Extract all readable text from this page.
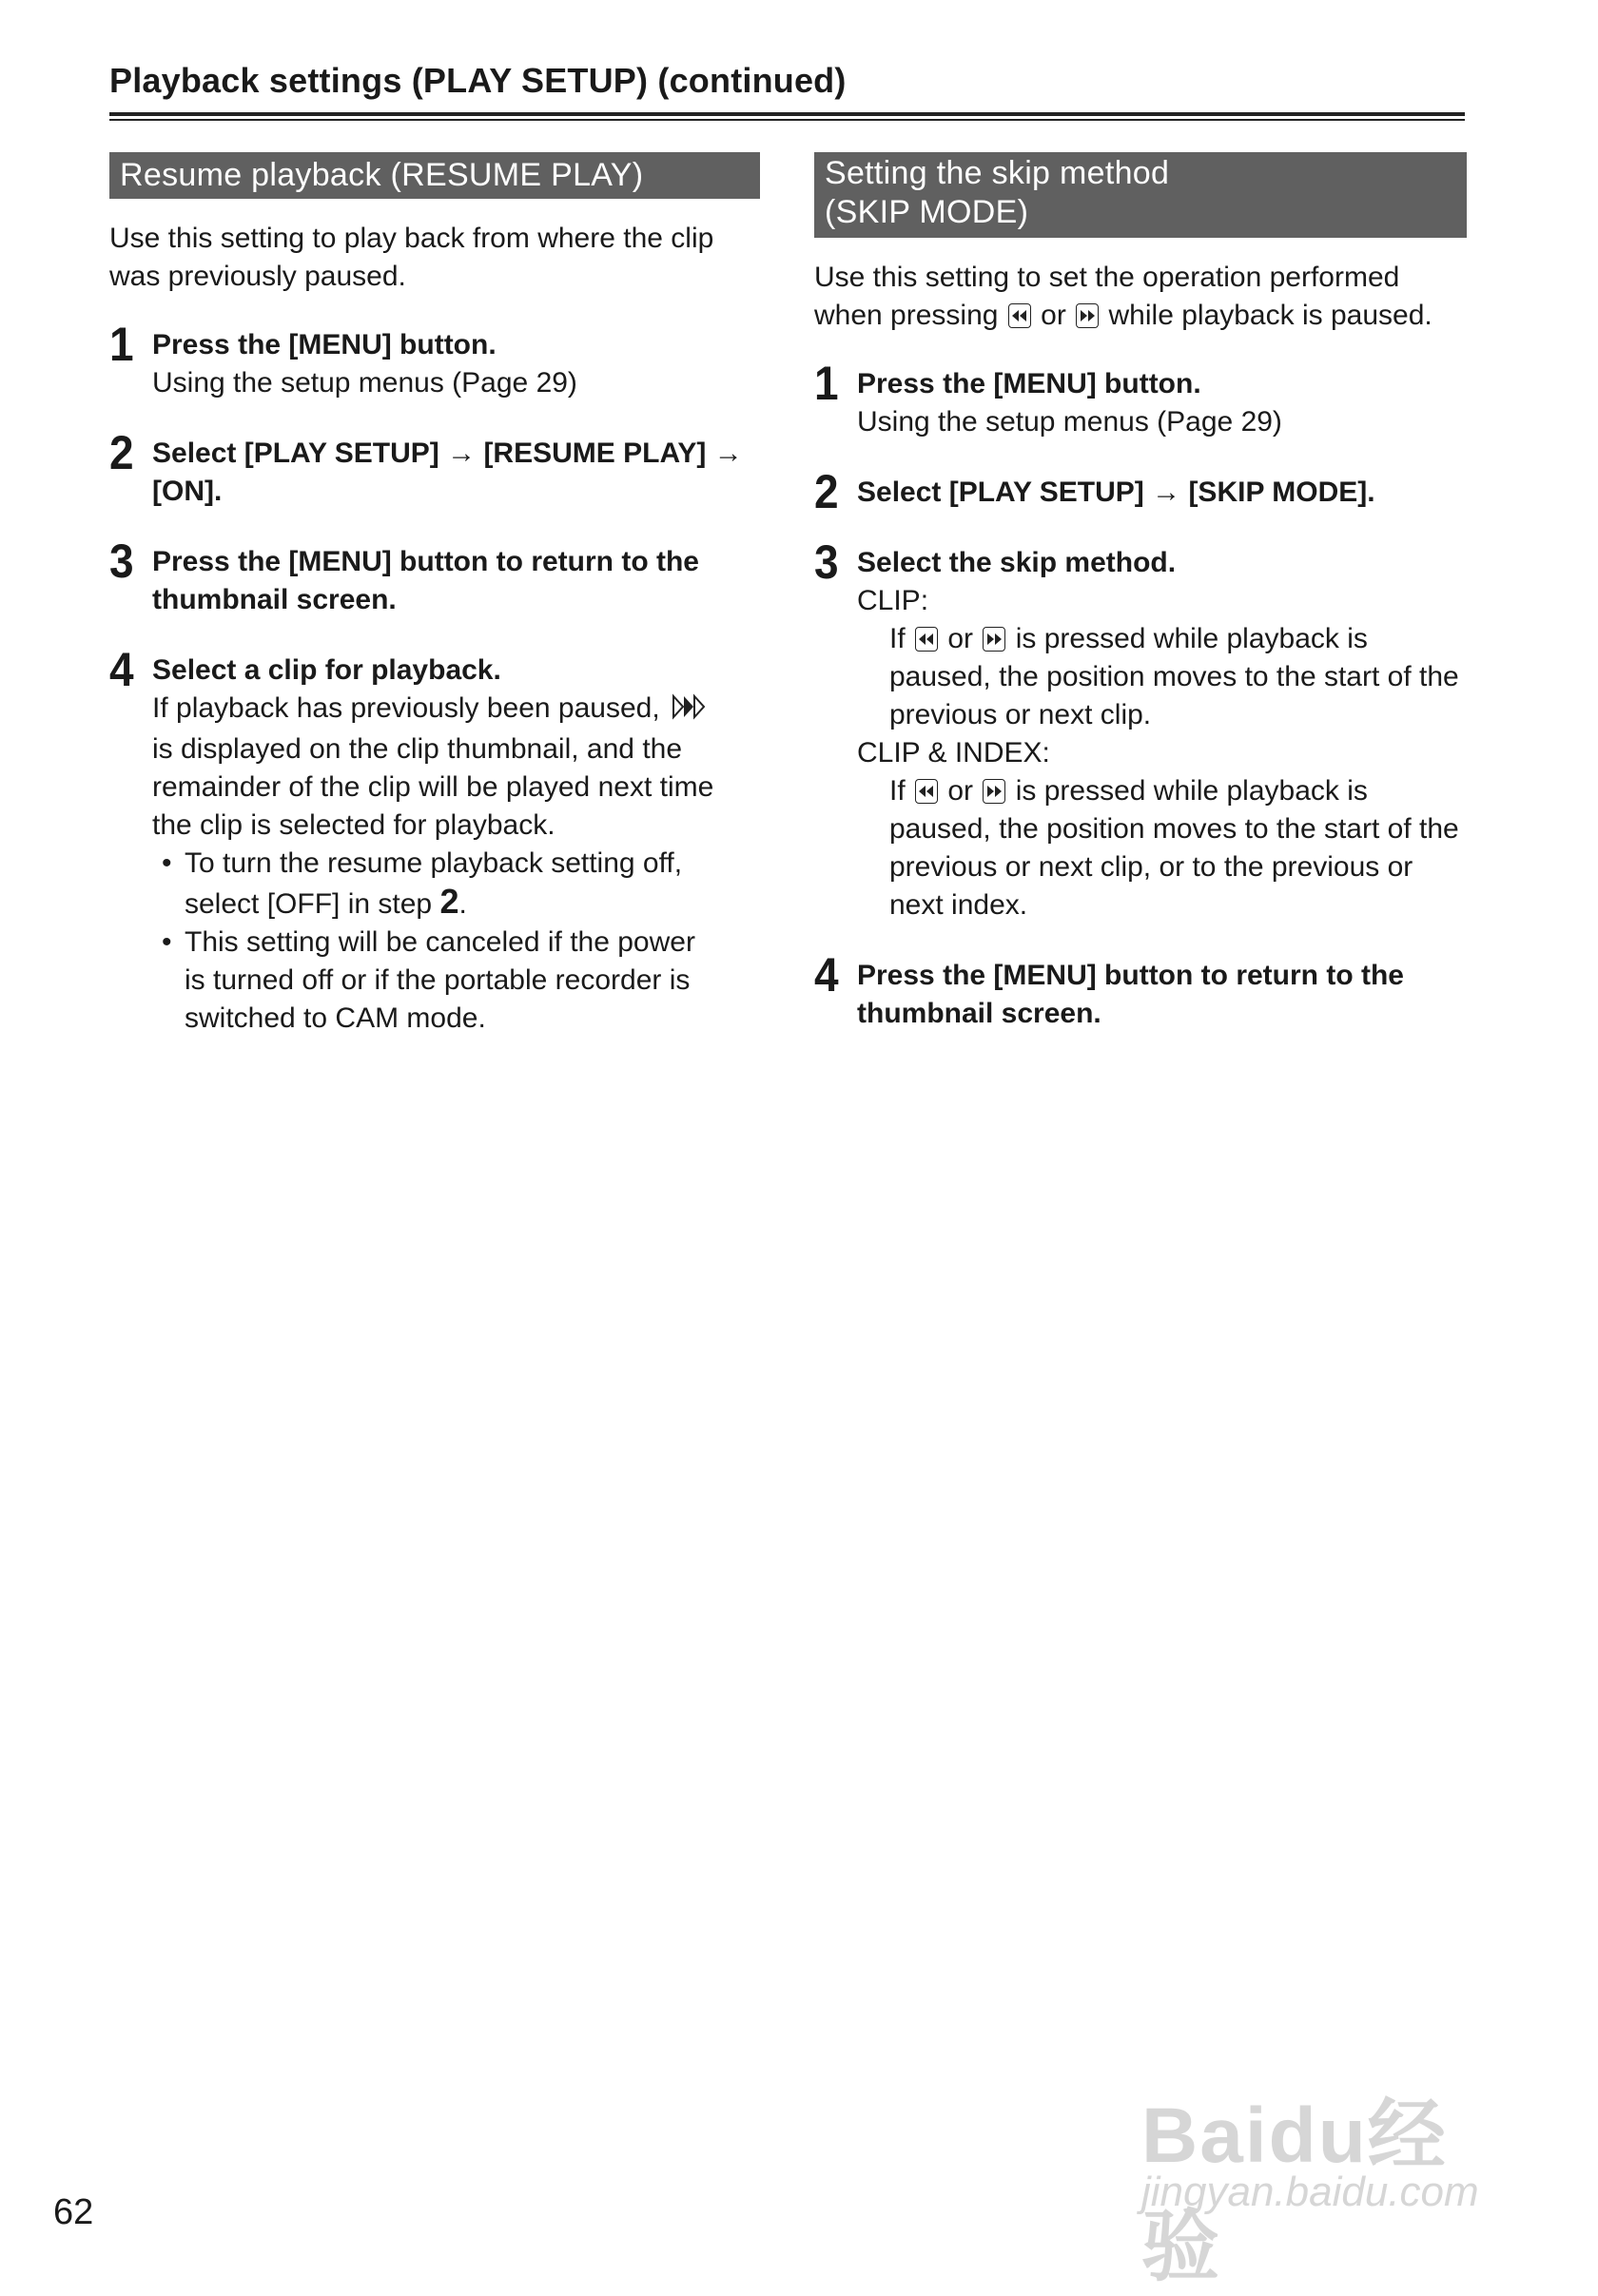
Playback settings (PLAY SETUP) (continued)
Resume playback (RESUME PLAY)
Use this setting to play back from where the clip
was previously paused.
1 Press the [MENU] button.
Using the setup menus (Page 29)
2 Select [PLAY SETUP] → [RESUME PLAY] →
[ON].
3 Press the [MENU] button to return to the
thumbnail screen.
4 Select a clip for playback.
If playback has previously been paused,
is displayed on the clip thumbnail, and the
remainder of the clip will be played next time
the clip is selected for playback.
• To turn the resume playback setting off,
select [OFF] in step 2.
• This setting will be canceled if the power
is turned off or if the portable recorder is
switched to CAM mode.
Setting the skip method
(SKIP MODE)
Use this setting to set the operation performed
when pressing or while playback is paused.
1 Press the [MENU] button.
Using the setup menus (Page 29)
2 Select [PLAY SETUP] → [SKIP MODE].
3 Select the skip method.
CLIP:
If or is pressed while playback is
paused, the position moves to the start of the
previous or next clip.
CLIP & INDEX:
If or is pressed while playback is
paused, the position moves to the start of the
previous or next clip, or to the previous or
next index.
4 Press the [MENU] button to return to the
thumbnail screen.
62
Baidu经验
jingyan.baidu.com
